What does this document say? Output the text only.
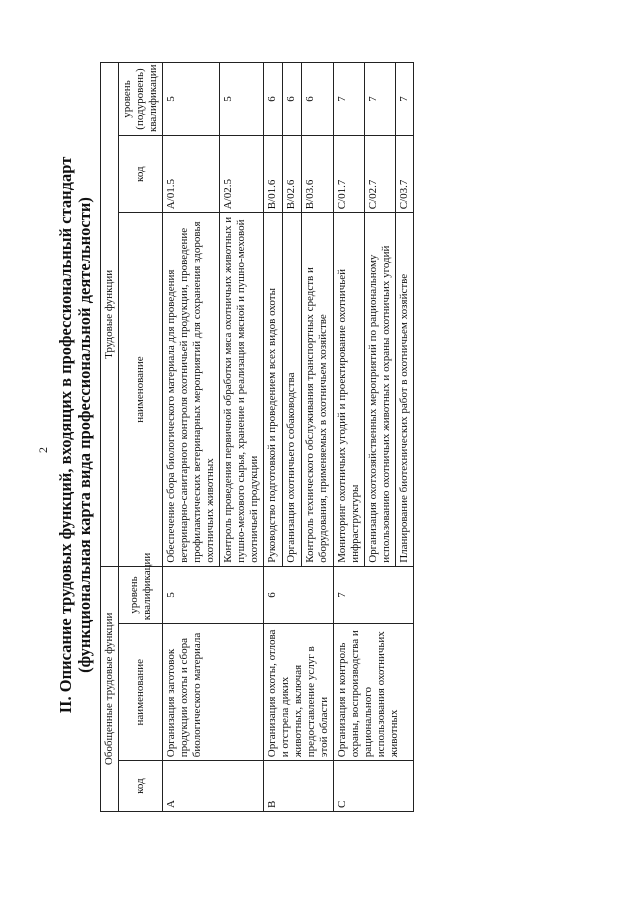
2 II. Описание трудовых функций, входящих в профессиональный стандарт (функциональная карта вида профессиональной деятельности)
Обобщенные трудовые функции			Трудовые функции		
код	наименование	уровень квалификации	наименование	код	уровень (подуровень) квалификации
A	Организация заготовок продукции охоты и сбора биологического материала	5	Обеспечение сбора биологического материала для проведения ветеринарно-санитарного контроля охотничьей продукции, проведение профилактических ветеринарных мероприятий для сохранения здоровья охотничьих животных	A/01.5	5
			Контроль проведения первичной обработки мяса охотничьих животных и пушно-мехового сырья, хранение и реализация мясной и пушно-меховой охотничьей продукции	A/02.5	5
B	Организация охоты, отлова и отстрела диких животных, включая предоставление услуг в этой области	6	Руководство подготовкой и проведением всех видов охоты	B/01.6	6
			Организация охотничьего собаководства	B/02.6	6
			Контроль технического обслуживания транспортных средств и оборудования, применяемых в охотничьем хозяйстве	B/03.6	6
C	Организация и контроль охраны, воспроизводства и рационального использования охотничьих животных	7	Мониторинг охотничьих угодий и проектирование охотничьей инфраструктуры	C/01.7	7
			Организация охотхозяйственных мероприятий по рациональному использованию охотничьих животных и охраны охотничьих угодий	C/02.7	7
			Планирование биотехнических работ в охотничьем хозяйстве	C/03.7	7
